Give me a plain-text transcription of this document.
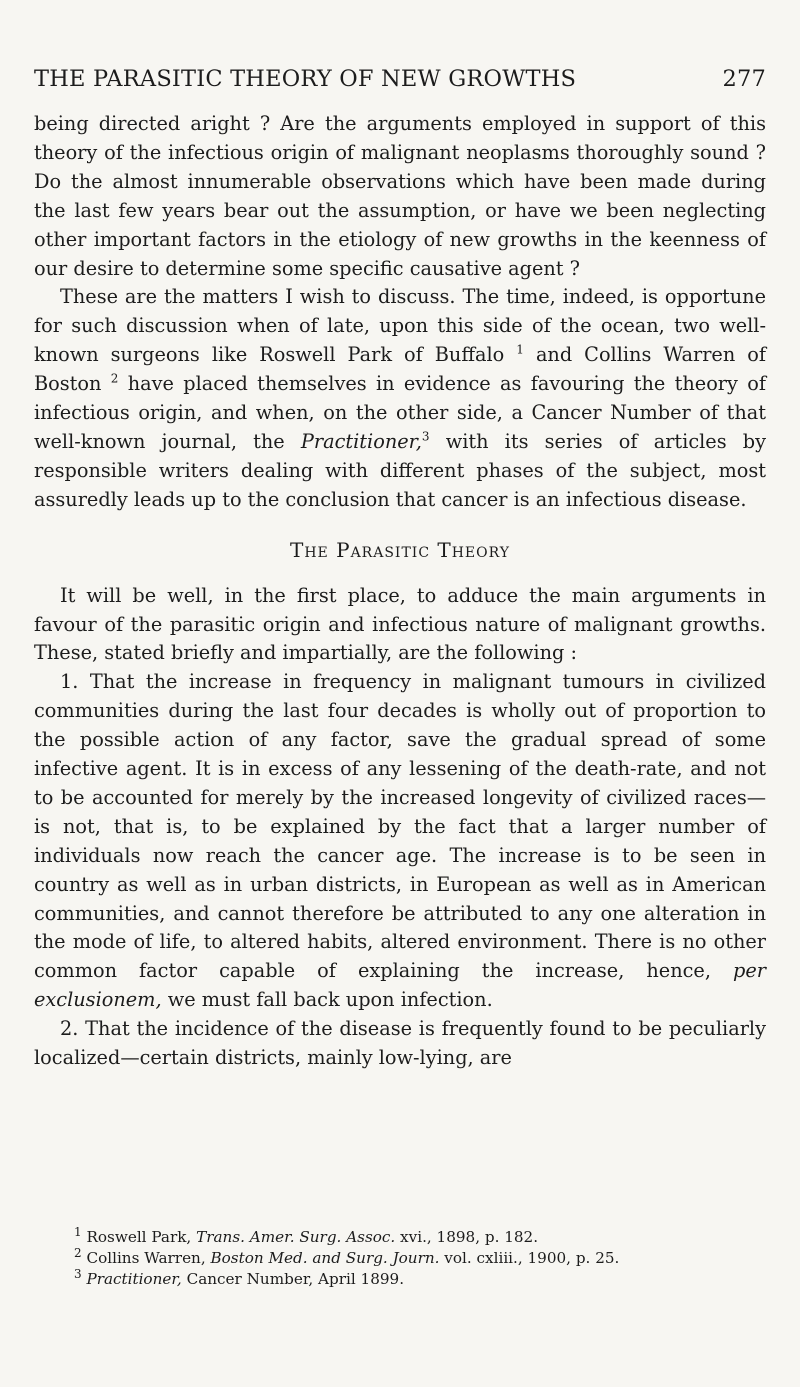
THE PARASITIC THEORY OF NEW GROWTHS	277

being directed aright ? Are the arguments employed in support of this theory of the infectious origin of malignant neoplasms thoroughly sound ? Do the almost innumerable observations which have been made during the last few years bear out the assumption, or have we been neglecting other important factors in the etiology of new growths in the keenness of our desire to determine some specific causative agent ?

These are the matters I wish to discuss. The time, indeed, is opportune for such discussion when of late, upon this side of the ocean, two well-known surgeons like Roswell Park of Buffalo $^1$ and Collins Warren of Boston $^2$ have placed themselves in evidence as favouring the theory of infectious origin, and when, on the other side, a Cancer Number of that well-known journal, the Practitioner,$^3$ with its series of articles by responsible writers dealing with different phases of the subject, most assuredly leads up to the conclusion that cancer is an infectious disease.

The Parasitic Theory

It will be well, in the first place, to adduce the main arguments in favour of the parasitic origin and infectious nature of malignant growths. These, stated briefly and impartially, are the following :

1. That the increase in frequency in malignant tumours in civilized communities during the last four decades is wholly out of proportion to the possible action of any factor, save the gradual spread of some infective agent. It is in excess of any lessening of the death-rate, and not to be accounted for merely by the increased longevity of civilized races—is not, that is, to be explained by the fact that a larger number of individuals now reach the cancer age. The increase is to be seen in country as well as in urban districts, in European as well as in American communities, and cannot therefore be attributed to any one alteration in the mode of life, to altered habits, altered environment. There is no other common factor capable of explaining the increase, hence, per exclusionem, we must fall back upon infection.

2. That the incidence of the disease is frequently found to be peculiarly localized—certain districts, mainly low-lying, are

$^1$ Roswell Park, Trans. Amer. Surg. Assoc. xvi., 1898, p. 182.
$^2$ Collins Warren, Boston Med. and Surg. Journ. vol. cxliii., 1900, p. 25.
$^3$ Practitioner, Cancer Number, April 1899.
